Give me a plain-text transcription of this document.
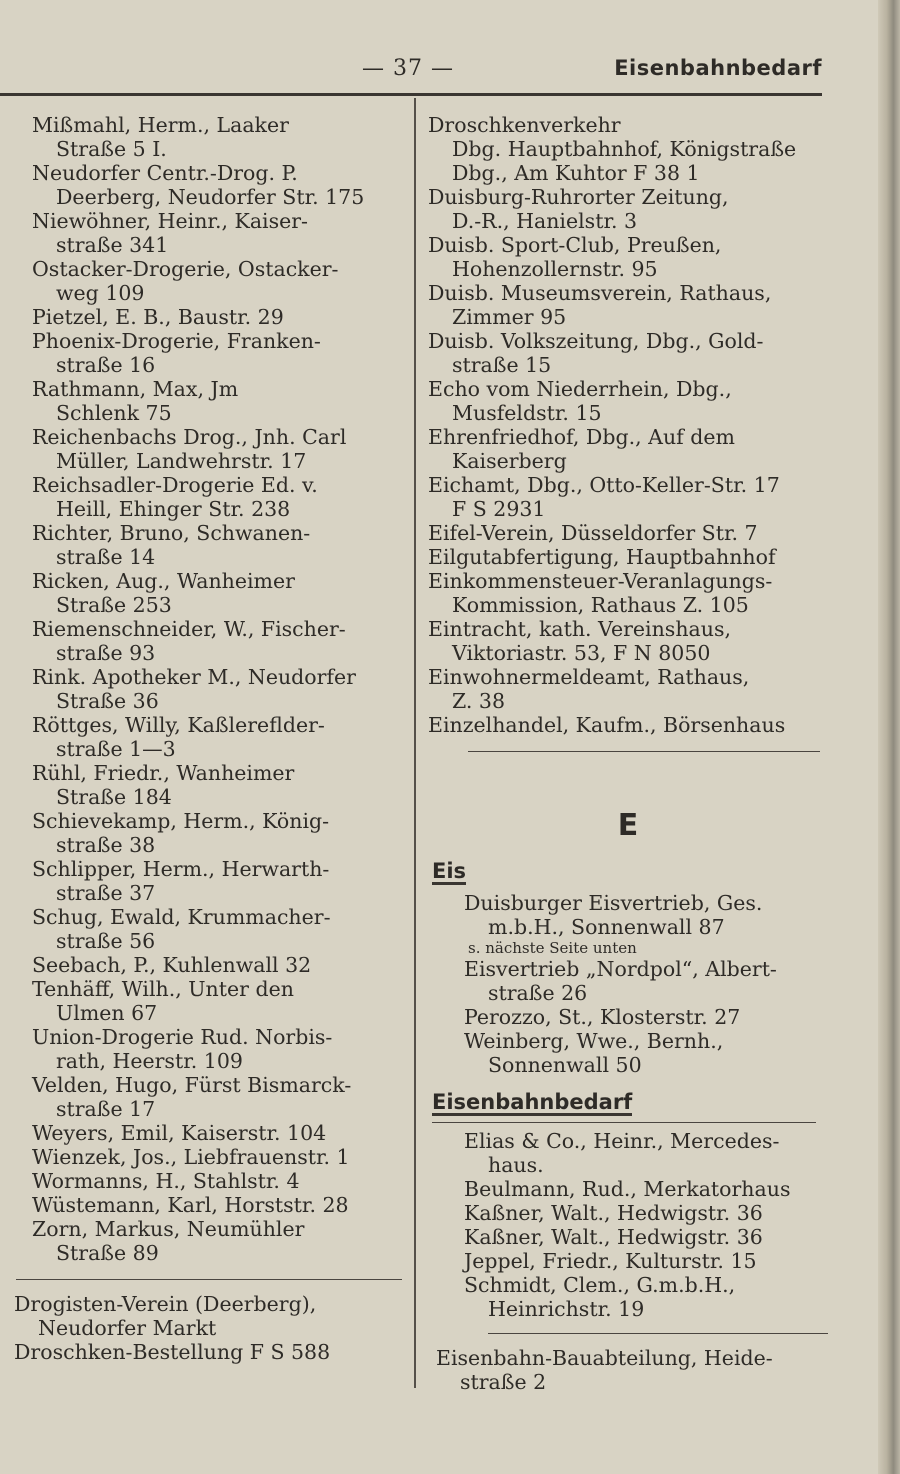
— 37 —	Eisenbahnbedarf
Mißmahl, Herm., Laaker
Straße 5 I.
Neudorfer Centr.-Drog. P.
Deerberg, Neudorfer Str. 175
Niewöhner, Heinr., Kaiser-
straße 341
Ostacker-Drogerie, Ostacker-
weg 109
Pietzel, E. B., Baustr. 29
Phoenix-Drogerie, Franken-
straße 16
Rathmann, Max, Jm
Schlenk 75
Reichenbachs Drog., Jnh. Carl
Müller, Landwehrstr. 17
Reichsadler-Drogerie Ed. v.
Heill, Ehinger Str. 238
Richter, Bruno, Schwanen-
straße 14
Ricken, Aug., Wanheimer
Straße 253
Riemenschneider, W., Fischer-
straße 93
Rink. Apotheker M., Neudorfer
Straße 36
Röttges, Willy, Kaßlereflder-
straße 1—3
Rühl, Friedr., Wanheimer
Straße 184
Schievekamp, Herm., König-
straße 38
Schlipper, Herm., Herwarth-
straße 37
Schug, Ewald, Krummacher-
straße 56
Seebach, P., Kuhlenwall 32
Tenhäff, Wilh., Unter den
Ulmen 67
Union-Drogerie Rud. Norbis-
rath, Heerstr. 109
Velden, Hugo, Fürst Bismarck-
straße 17
Weyers, Emil, Kaiserstr. 104
Wienzek, Jos., Liebfrauenstr. 1
Wormanns, H., Stahlstr. 4
Wüstemann, Karl, Horststr. 28
Zorn, Markus, Neumühler
Straße 89
Drogisten-Verein (Deerberg),
Neudorfer Markt
Droschken-Bestellung F S 588
Droschkenverkehr
Dbg. Hauptbahnhof, Königstraße
Dbg., Am Kuhtor F 38 1
Duisburg-Ruhrorter Zeitung,
D.-R., Hanielstr. 3
Duisb. Sport-Club, Preußen,
Hohenzollernstr. 95
Duisb. Museumsverein, Rathaus,
Zimmer 95
Duisb. Volkszeitung, Dbg., Gold-
straße 15
Echo vom Niederrhein, Dbg.,
Musfeldstr. 15
Ehrenfriedhof, Dbg., Auf dem
Kaiserberg
Eichamt, Dbg., Otto-Keller-Str. 17
F S 2931
Eifel-Verein, Düsseldorfer Str. 7
Eilgutabfertigung, Hauptbahnhof
Einkommensteuer-Veranlagungs-
Kommission, Rathaus Z. 105
Eintracht, kath. Vereinshaus,
Viktoriastr. 53, F N 8050
Einwohnermeldeamt, Rathaus,
Z. 38
Einzelhandel, Kaufm., Börsenhaus
E
Eis
Duisburger Eisvertrieb, Ges.
m.b.H., Sonnenwall 87
s. nächste Seite unten
Eisvertrieb „Nordpol“, Albert-
straße 26
Perozzo, St., Klosterstr. 27
Weinberg, Wwe., Bernh.,
Sonnenwall 50
Eisenbahnbedarf
Elias & Co., Heinr., Mercedes-
haus.
Beulmann, Rud., Merkatorhaus
Kaßner, Walt., Hedwigstr. 36
Kaßner, Walt., Hedwigstr. 36
Jeppel, Friedr., Kulturstr. 15
Schmidt, Clem., G.m.b.H.,
Heinrichstr. 19
Eisenbahn-Bauabteilung, Heide-
straße 2
